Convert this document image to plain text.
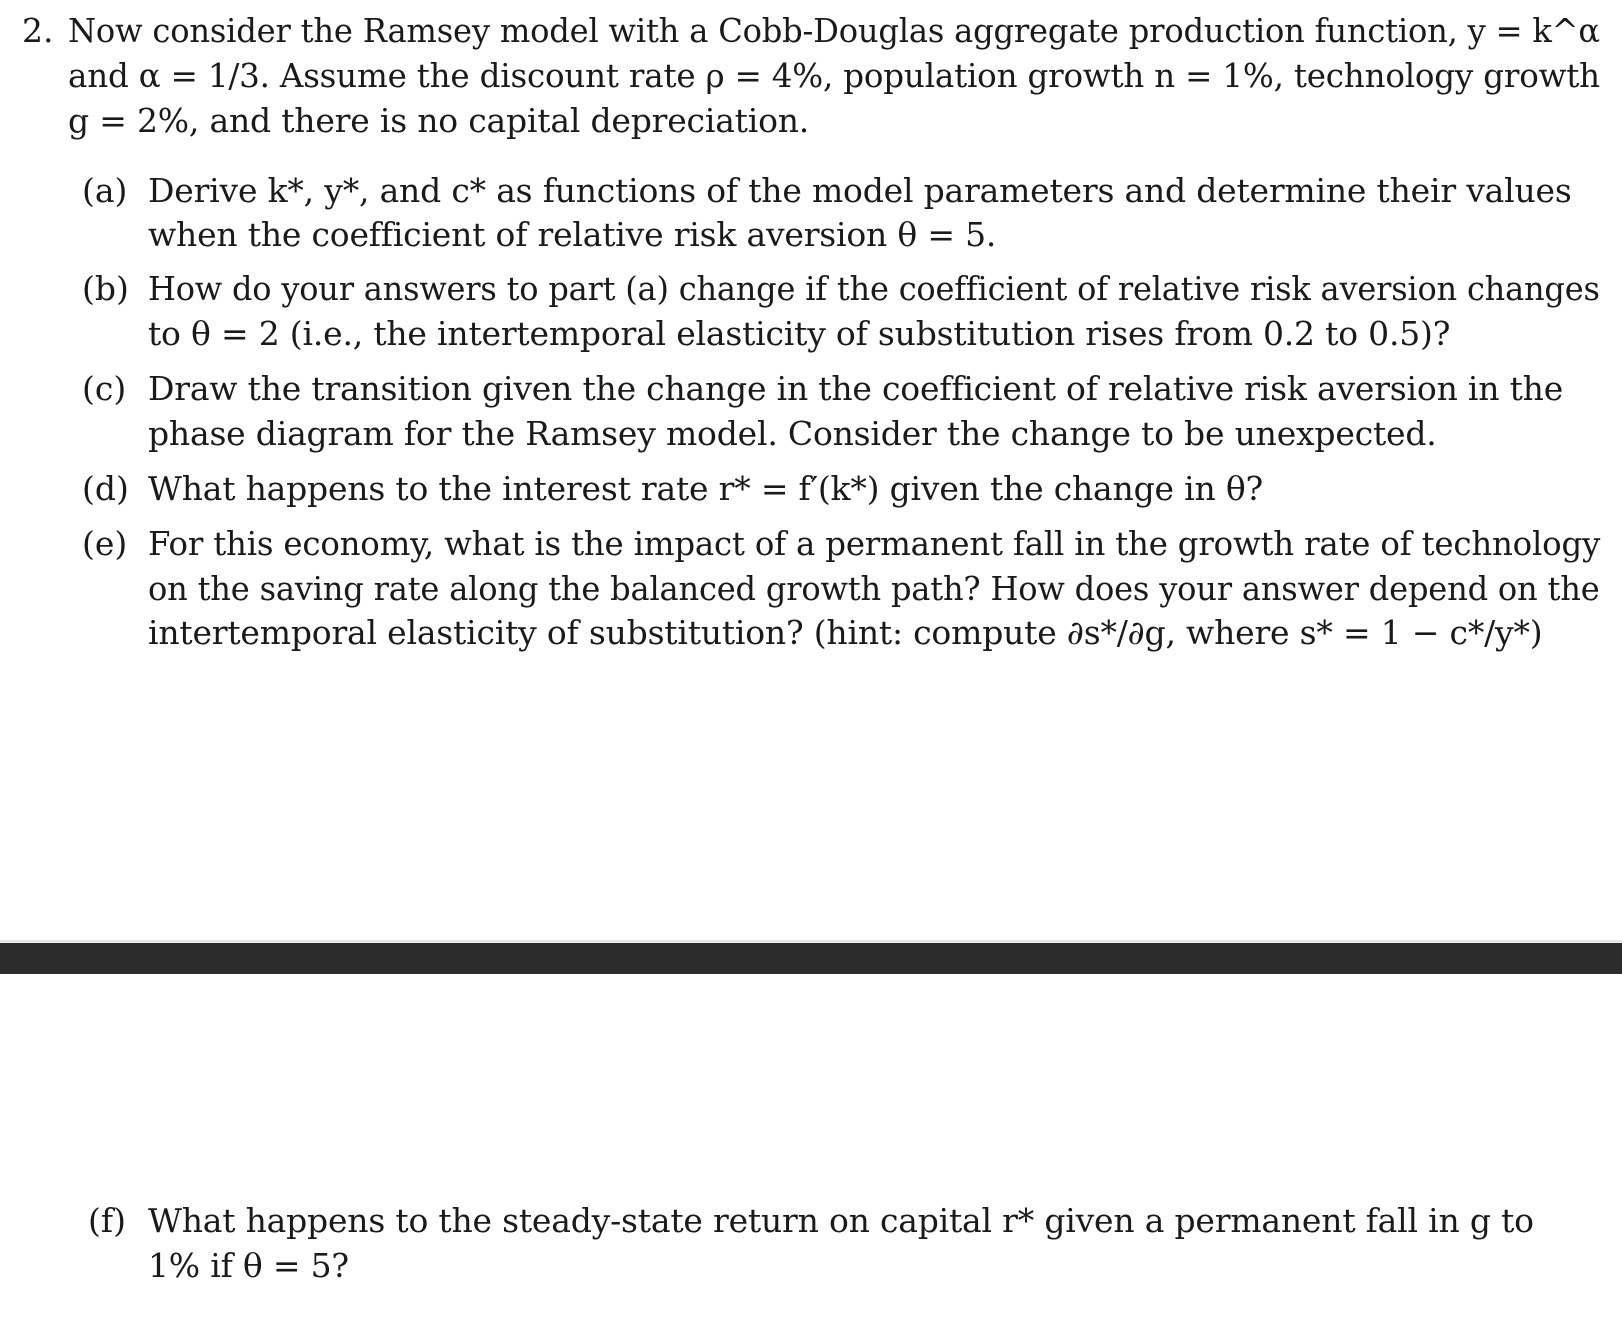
2. Now consider the Ramsey model with a Cobb-Douglas aggregate production function, y = k^α
and α = 1/3. Assume the discount rate ρ = 4%, population growth n = 1%, technology growth
g = 2%, and there is no capital depreciation.
(a) Derive k*, y*, and c* as functions of the model parameters and determine their values
when the coefficient of relative risk aversion θ = 5.
(b) How do your answers to part (a) change if the coefficient of relative risk aversion changes
to θ = 2 (i.e., the intertemporal elasticity of substitution rises from 0.2 to 0.5)?
(c) Draw the transition given the change in the coefficient of relative risk aversion in the
phase diagram for the Ramsey model. Consider the change to be unexpected.
(d) What happens to the interest rate r* = f′(k*) given the change in θ?
(e) For this economy, what is the impact of a permanent fall in the growth rate of technology
on the saving rate along the balanced growth path? How does your answer depend on the
intertemporal elasticity of substitution? (hint: compute ∂s*/∂g, where s* = 1 − c*/y*)
(f) What happens to the steady-state return on capital r* given a permanent fall in g to
1% if θ = 5?
